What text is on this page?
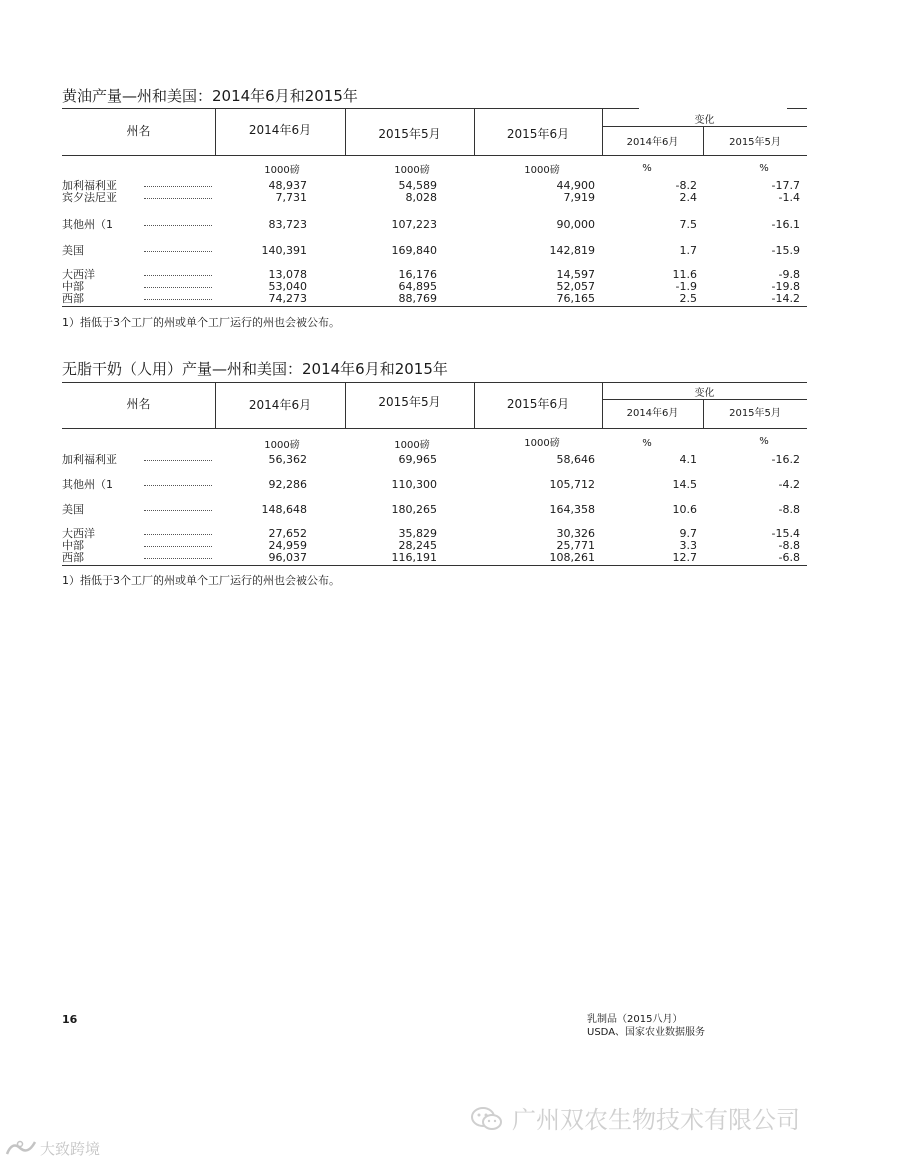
黄油产量—州和美国：2014年6月和2015年
州名	2014年6月	2015年5月	2015年6月
变化
2014年6月	2015年5月
1000磅	1000磅	1000磅	%	%
加利福利亚	48,937	54,589	44,900	-8.2	-17.7
宾夕法尼亚	7,731	8,028	7,919	2.4	-1.4
其他州（1	83,723	107,223	90,000	7.5	-16.1
美国	140,391	169,840	142,819	1.7	-15.9
大西洋	13,078	16,176	14,597	11.6	-9.8
中部	53,040	64,895	52,057	-1.9	-19.8
西部	74,273	88,769	76,165	2.5	-14.2
1）指低于3个工厂的州或单个工厂运行的州也会被公布。
无脂干奶（人用）产量—州和美国：2014年6月和2015年
州名	2014年6月	2015年5月	2015年6月
变化
2014年6月	2015年5月
1000磅	1000磅	1000磅	%	%
加利福利亚	56,362	69,965	58,646	4.1	-16.2
其他州（1	92,286	110,300	105,712	14.5	-4.2
美国	148,648	180,265	164,358	10.6	-8.8
大西洋	27,652	35,829	30,326	9.7	-15.4
中部	24,959	28,245	25,771	3.3	-8.8
西部	96,037	116,191	108,261	12.7	-6.8
1）指低于3个工厂的州或单个工厂运行的州也会被公布。
16	乳制品（2015八月）
USDA、国家农业数据服务
广州双农生物技术有限公司
大致跨境
